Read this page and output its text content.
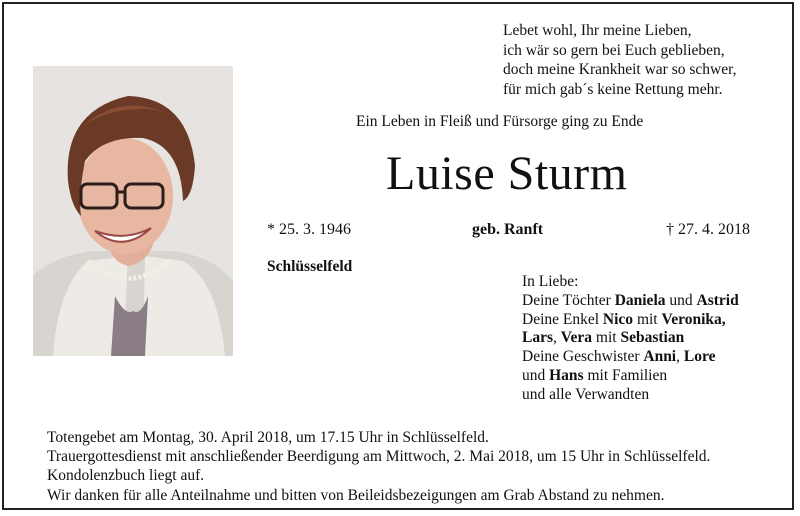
Lebet wohl, Ihr meine Lieben,
ich wär so gern bei Euch geblieben,
doch meine Krankheit war so schwer,
für mich gab´s keine Rettung mehr.
Ein Leben in Fleiß und Fürsorge ging zu Ende
Luise Sturm
* 25. 3. 1946	geb. Ranft	† 27. 4. 2018
Schlüsselfeld
In Liebe:
Deine Töchter Daniela und Astrid
Deine Enkel Nico mit Veronika,
Lars, Vera mit Sebastian
Deine Geschwister Anni, Lore
und Hans mit Familien
und alle Verwandten
Totengebet am Montag, 30. April 2018, um 17.15 Uhr in Schlüsselfeld.
Trauergottesdienst mit anschließender Beerdigung am Mittwoch, 2. Mai 2018, um 15 Uhr in Schlüsselfeld.
Kondolenzbuch liegt auf.
Wir danken für alle Anteilnahme und bitten von Beileidsbezeigungen am Grab Abstand zu nehmen.
